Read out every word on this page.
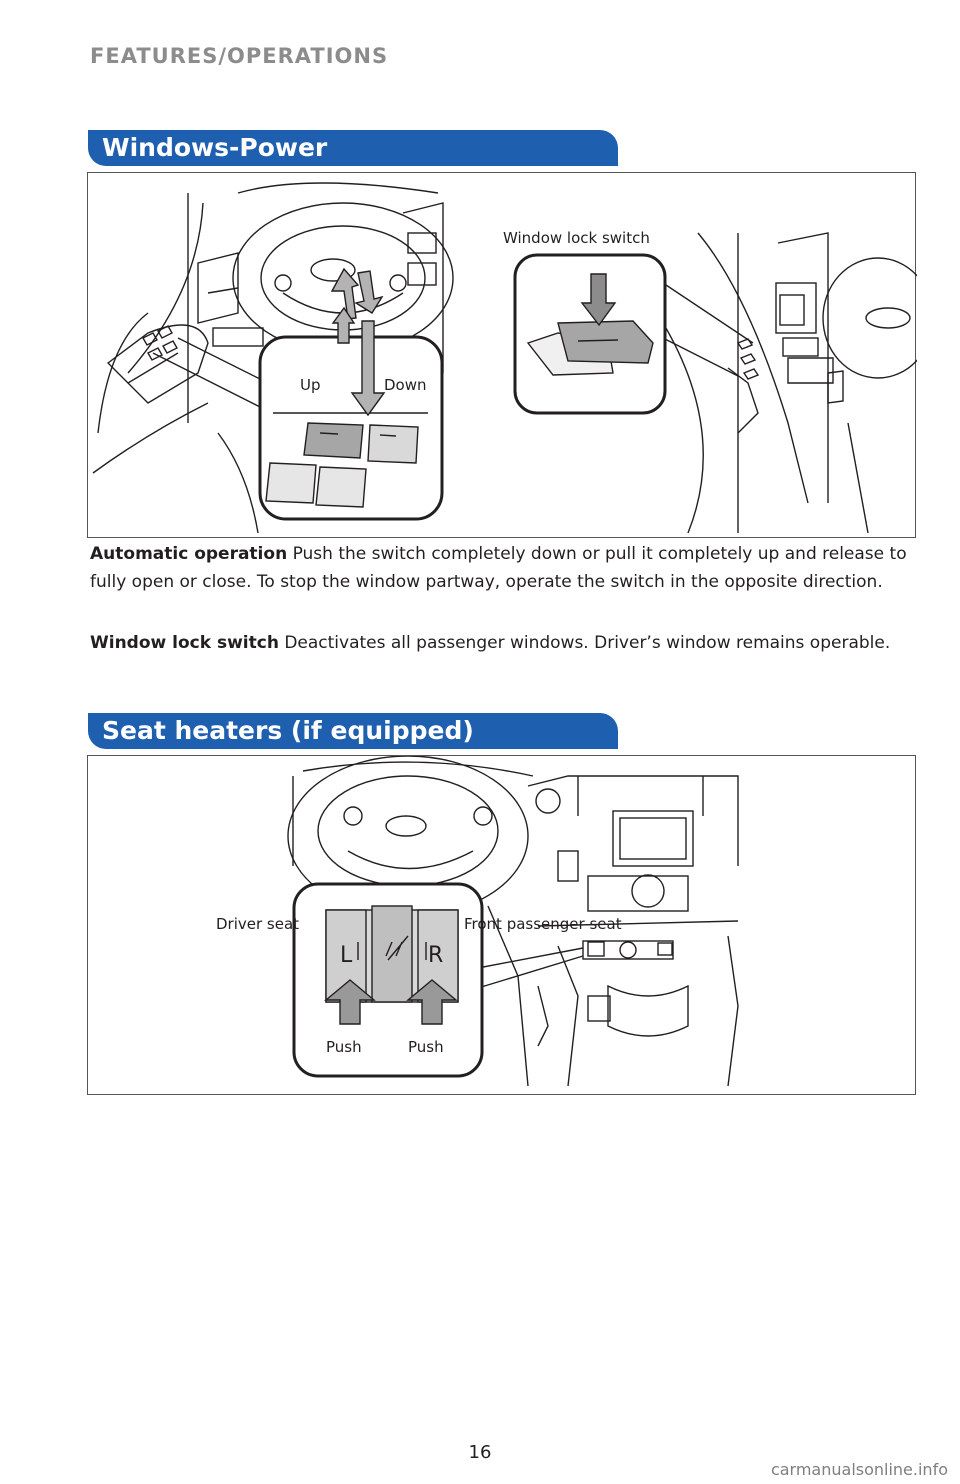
FEATURES/OPERATIONS
Windows-Power
Up	Down
Window lock switch
Automatic operation Push the switch completely down or pull it completely up and release to fully open or close. To stop the window partway, operate the switch in the opposite direction.
Window lock switch Deactivates all passenger windows. Driver’s window remains operable.
Seat heaters (if equipped)
L	R
Push	Push
Driver seat	Front passenger seat
16
carmanualsonline.info
